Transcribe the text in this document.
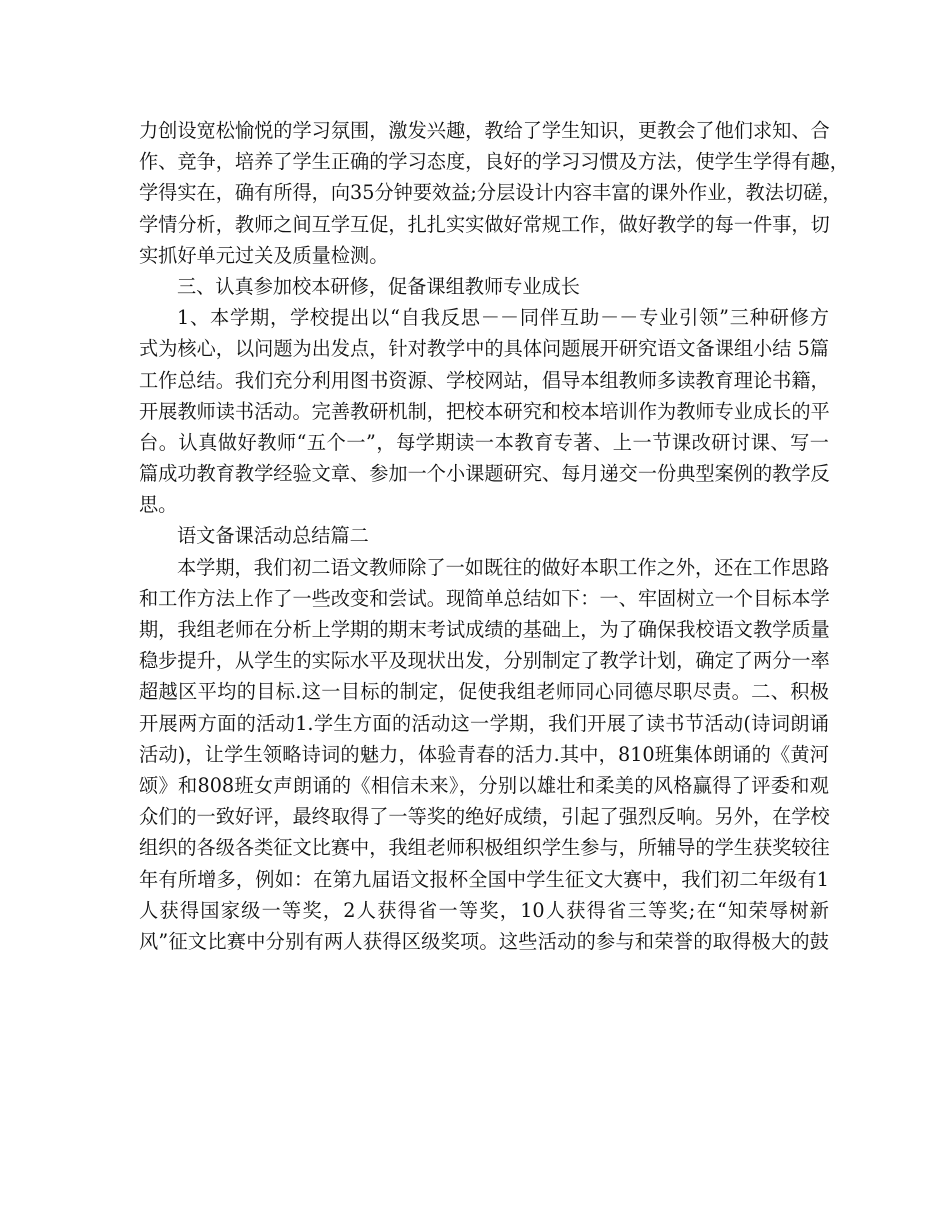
力创设宽松愉悦的学习氛围，激发兴趣，教给了学生知识，更教会了他们求知、合
作、竞争，培养了学生正确的学习态度，良好的学习习惯及方法，使学生学得有趣，
学得实在，确有所得，向35分钟要效益;分层设计内容丰富的课外作业，教法切磋，
学情分析，教师之间互学互促，扎扎实实做好常规工作，做好教学的每一件事，切
实抓好单元过关及质量检测。
三、认真参加校本研修，促备课组教师专业成长
1、本学期，学校提出以“自我反思－－同伴互助－－专业引领”三种研修方
式为核心，以问题为出发点，针对教学中的具体问题展开研究语文备课组小结 5篇
工作总结。我们充分利用图书资源、学校网站，倡导本组教师多读教育理论书籍，
开展教师读书活动。完善教研机制，把校本研究和校本培训作为教师专业成长的平
台。认真做好教师“五个一”，每学期读一本教育专著、上一节课改研讨课、写一
篇成功教育教学经验文章、参加一个小课题研究、每月递交一份典型案例的教学反
思。
语文备课活动总结篇二
本学期，我们初二语文教师除了一如既往的做好本职工作之外，还在工作思路
和工作方法上作了一些改变和尝试。现简单总结如下：一、牢固树立一个目标本学
期，我组老师在分析上学期的期末考试成绩的基础上，为了确保我校语文教学质量
稳步提升，从学生的实际水平及现状出发，分别制定了教学计划，确定了两分一率
超越区平均的目标.这一目标的制定，促使我组老师同心同德尽职尽责。二、积极
开展两方面的活动1.学生方面的活动这一学期，我们开展了读书节活动(诗词朗诵
活动)，让学生领略诗词的魅力，体验青春的活力.其中，810班集体朗诵的《黄河
颂》和808班女声朗诵的《相信未来》，分别以雄壮和柔美的风格赢得了评委和观
众们的一致好评，最终取得了一等奖的绝好成绩，引起了强烈反响。另外，在学校
组织的各级各类征文比赛中，我组老师积极组织学生参与，所辅导的学生获奖较往
年有所增多，例如：在第九届语文报杯全国中学生征文大赛中，我们初二年级有1
人获得国家级一等奖，2人获得省一等奖，10人获得省三等奖;在“知荣辱树新
风”征文比赛中分别有两人获得区级奖项。这些活动的参与和荣誉的取得极大的鼓
